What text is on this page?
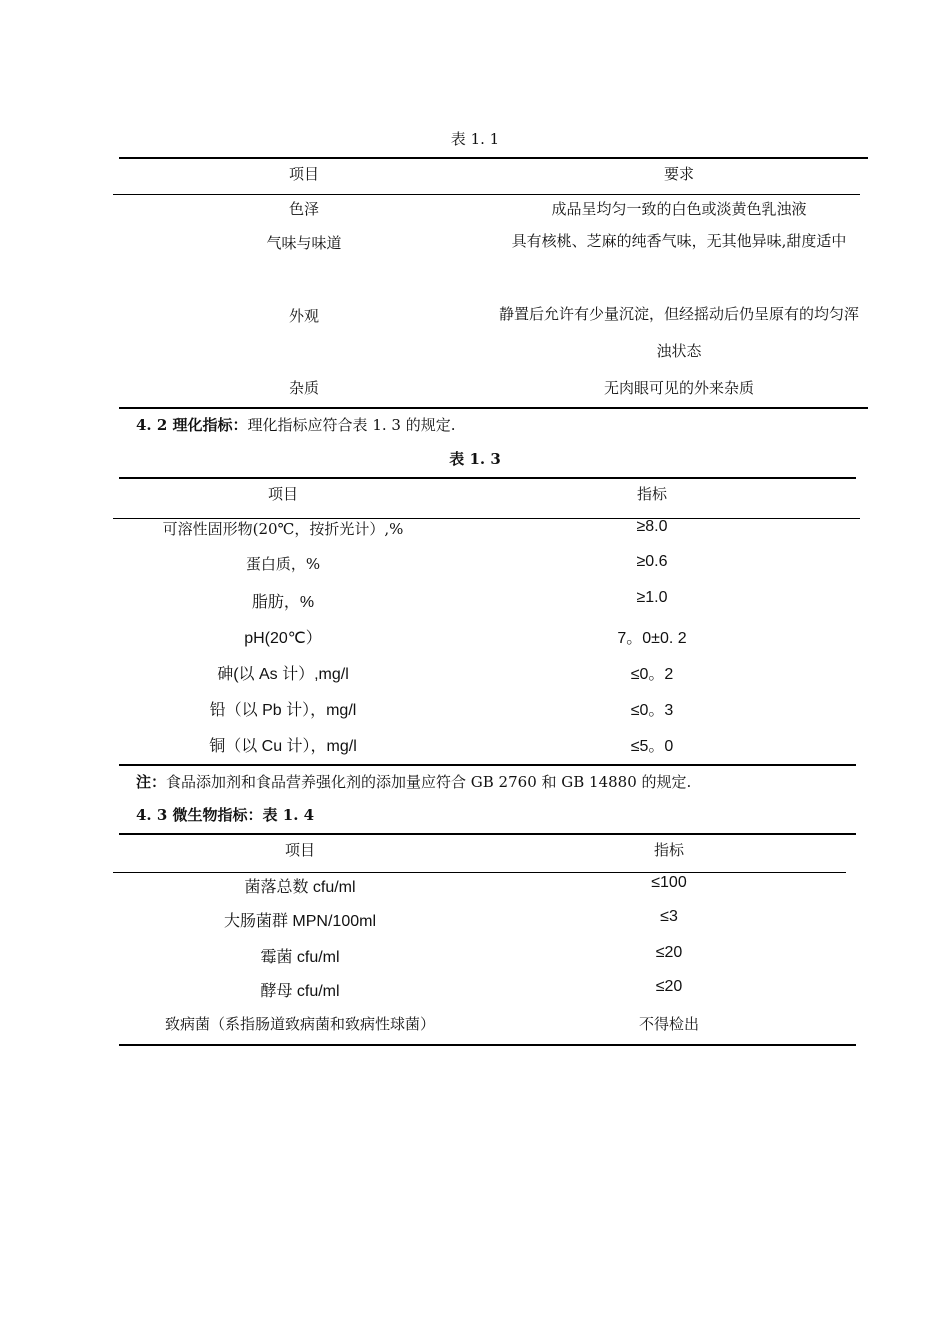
表 1. 1
项目	要求
色泽	成品呈均匀一致的白色或淡黄色乳浊液
气味与味道	具有核桃、芝麻的纯香气味，无其他异味,甜度适中
外观	静置后允许有少量沉淀，但经摇动后仍呈原有的均匀浑浊状态
杂质	无肉眼可见的外来杂质
4. 2 理化指标：理化指标应符合表 1. 3 的规定.
表 1. 3
项目	指标
可溶性固形物(20℃，按折光计）,%	≥8.0
蛋白质，%	≥0.6
脂肪，%	≥1.0
pH(20℃）	7。0±0. 2
砷(以 As 计）,mg/l	≤0。2
铅（以 Pb 计），mg/l	≤0。3
铜（以 Cu 计），mg/l	≤5。0
注：食品添加剂和食品营养强化剂的添加量应符合 GB 2760 和 GB 14880 的规定.
4. 3 微生物指标：表 1. 4
项目	指标
菌落总数 cfu/ml	≤100
大肠菌群 MPN/100ml	≤3
霉菌 cfu/ml	≤20
酵母 cfu/ml	≤20
致病菌（系指肠道致病菌和致病性球菌）	不得检出
